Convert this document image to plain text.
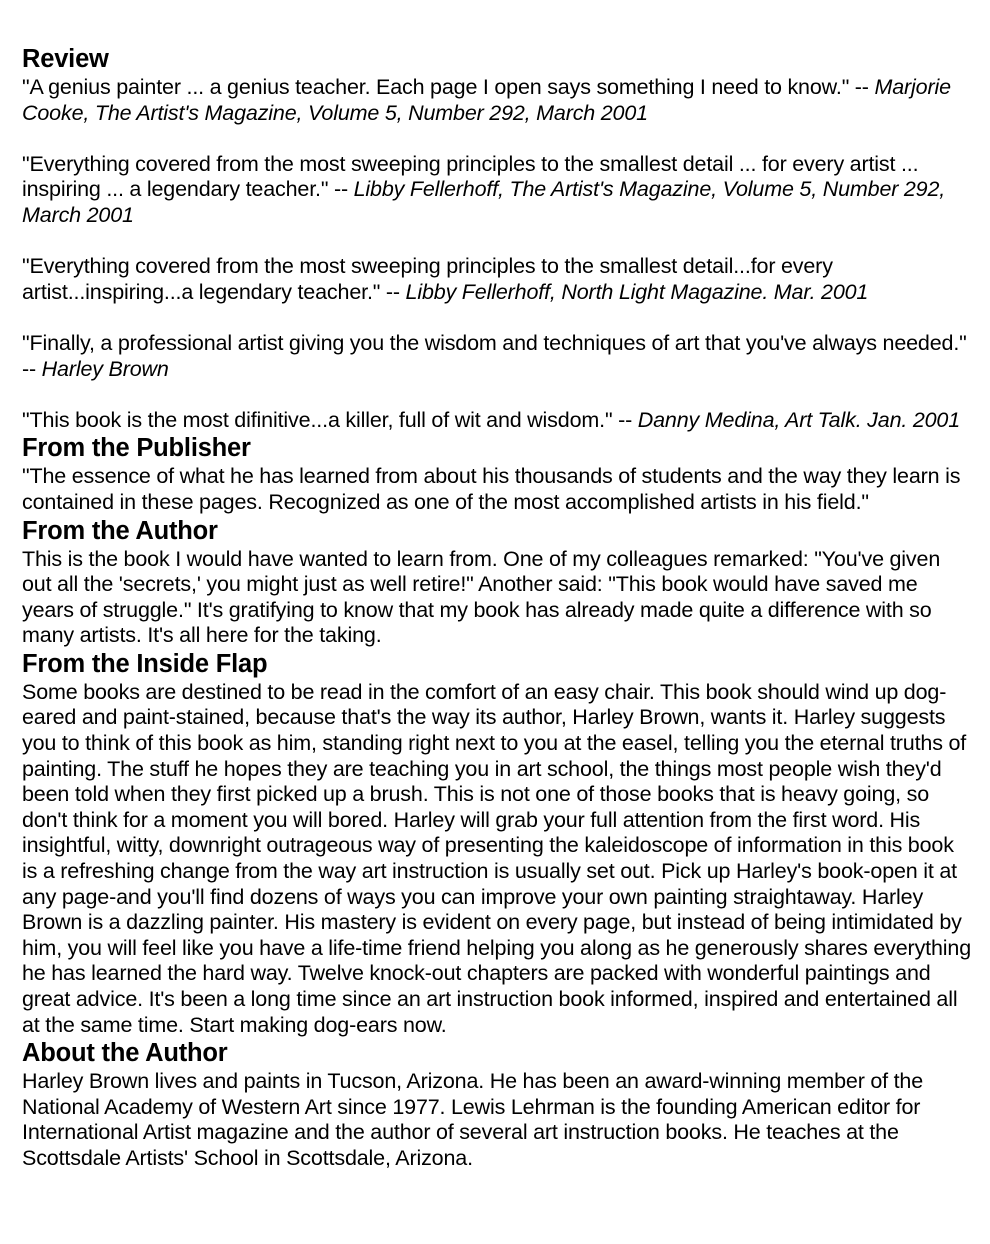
Review

"A genius painter ... a genius teacher. Each page I open says something I need to know." -- Marjorie Cooke, The Artist's Magazine, Volume 5, Number 292, March 2001

"Everything covered from the most sweeping principles to the smallest detail ... for every artist ... inspiring ... a legendary teacher." -- Libby Fellerhoff, The Artist's Magazine, Volume 5, Number 292, March 2001

"Everything covered from the most sweeping principles to the smallest detail...for every artist...inspiring...a legendary teacher." -- Libby Fellerhoff, North Light Magazine. Mar. 2001

"Finally, a professional artist giving you the wisdom and techniques of art that you've always needed." -- Harley Brown

"This book is the most difinitive...a killer, full of wit and wisdom." -- Danny Medina, Art Talk. Jan. 2001

From the Publisher

"The essence of what he has learned from about his thousands of students and the way they learn is contained in these pages. Recognized as one of the most accomplished artists in his field."

From the Author

This is the book I would have wanted to learn from. One of my colleagues remarked: "You've given out all the 'secrets,' you might just as well retire!" Another said: "This book would have saved me years of struggle." It's gratifying to know that my book has already made quite a difference with so many artists. It's all here for the taking.

From the Inside Flap

Some books are destined to be read in the comfort of an easy chair. This book should wind up dog-eared and paint-stained, because that's the way its author, Harley Brown, wants it. Harley suggests you to think of this book as him, standing right next to you at the easel, telling you the eternal truths of painting. The stuff he hopes they are teaching you in art school, the things most people wish they'd been told when they first picked up a brush. This is not one of those books that is heavy going, so don't think for a moment you will bored. Harley will grab your full attention from the first word. His insightful, witty, downright outrageous way of presenting the kaleidoscope of information in this book is a refreshing change from the way art instruction is usually set out. Pick up Harley's book-open it at any page-and you'll find dozens of ways you can improve your own painting straightaway. Harley Brown is a dazzling painter. His mastery is evident on every page, but instead of being intimidated by him, you will feel like you have a life-time friend helping you along as he generously shares everything he has learned the hard way. Twelve knock-out chapters are packed with wonderful paintings and great advice. It's been a long time since an art instruction book informed, inspired and entertained all at the same time. Start making dog-ears now.

About the Author

Harley Brown lives and paints in Tucson, Arizona. He has been an award-winning member of the National Academy of Western Art since 1977. Lewis Lehrman is the founding American editor for International Artist magazine and the author of several art instruction books. He teaches at the Scottsdale Artists' School in Scottsdale, Arizona.
